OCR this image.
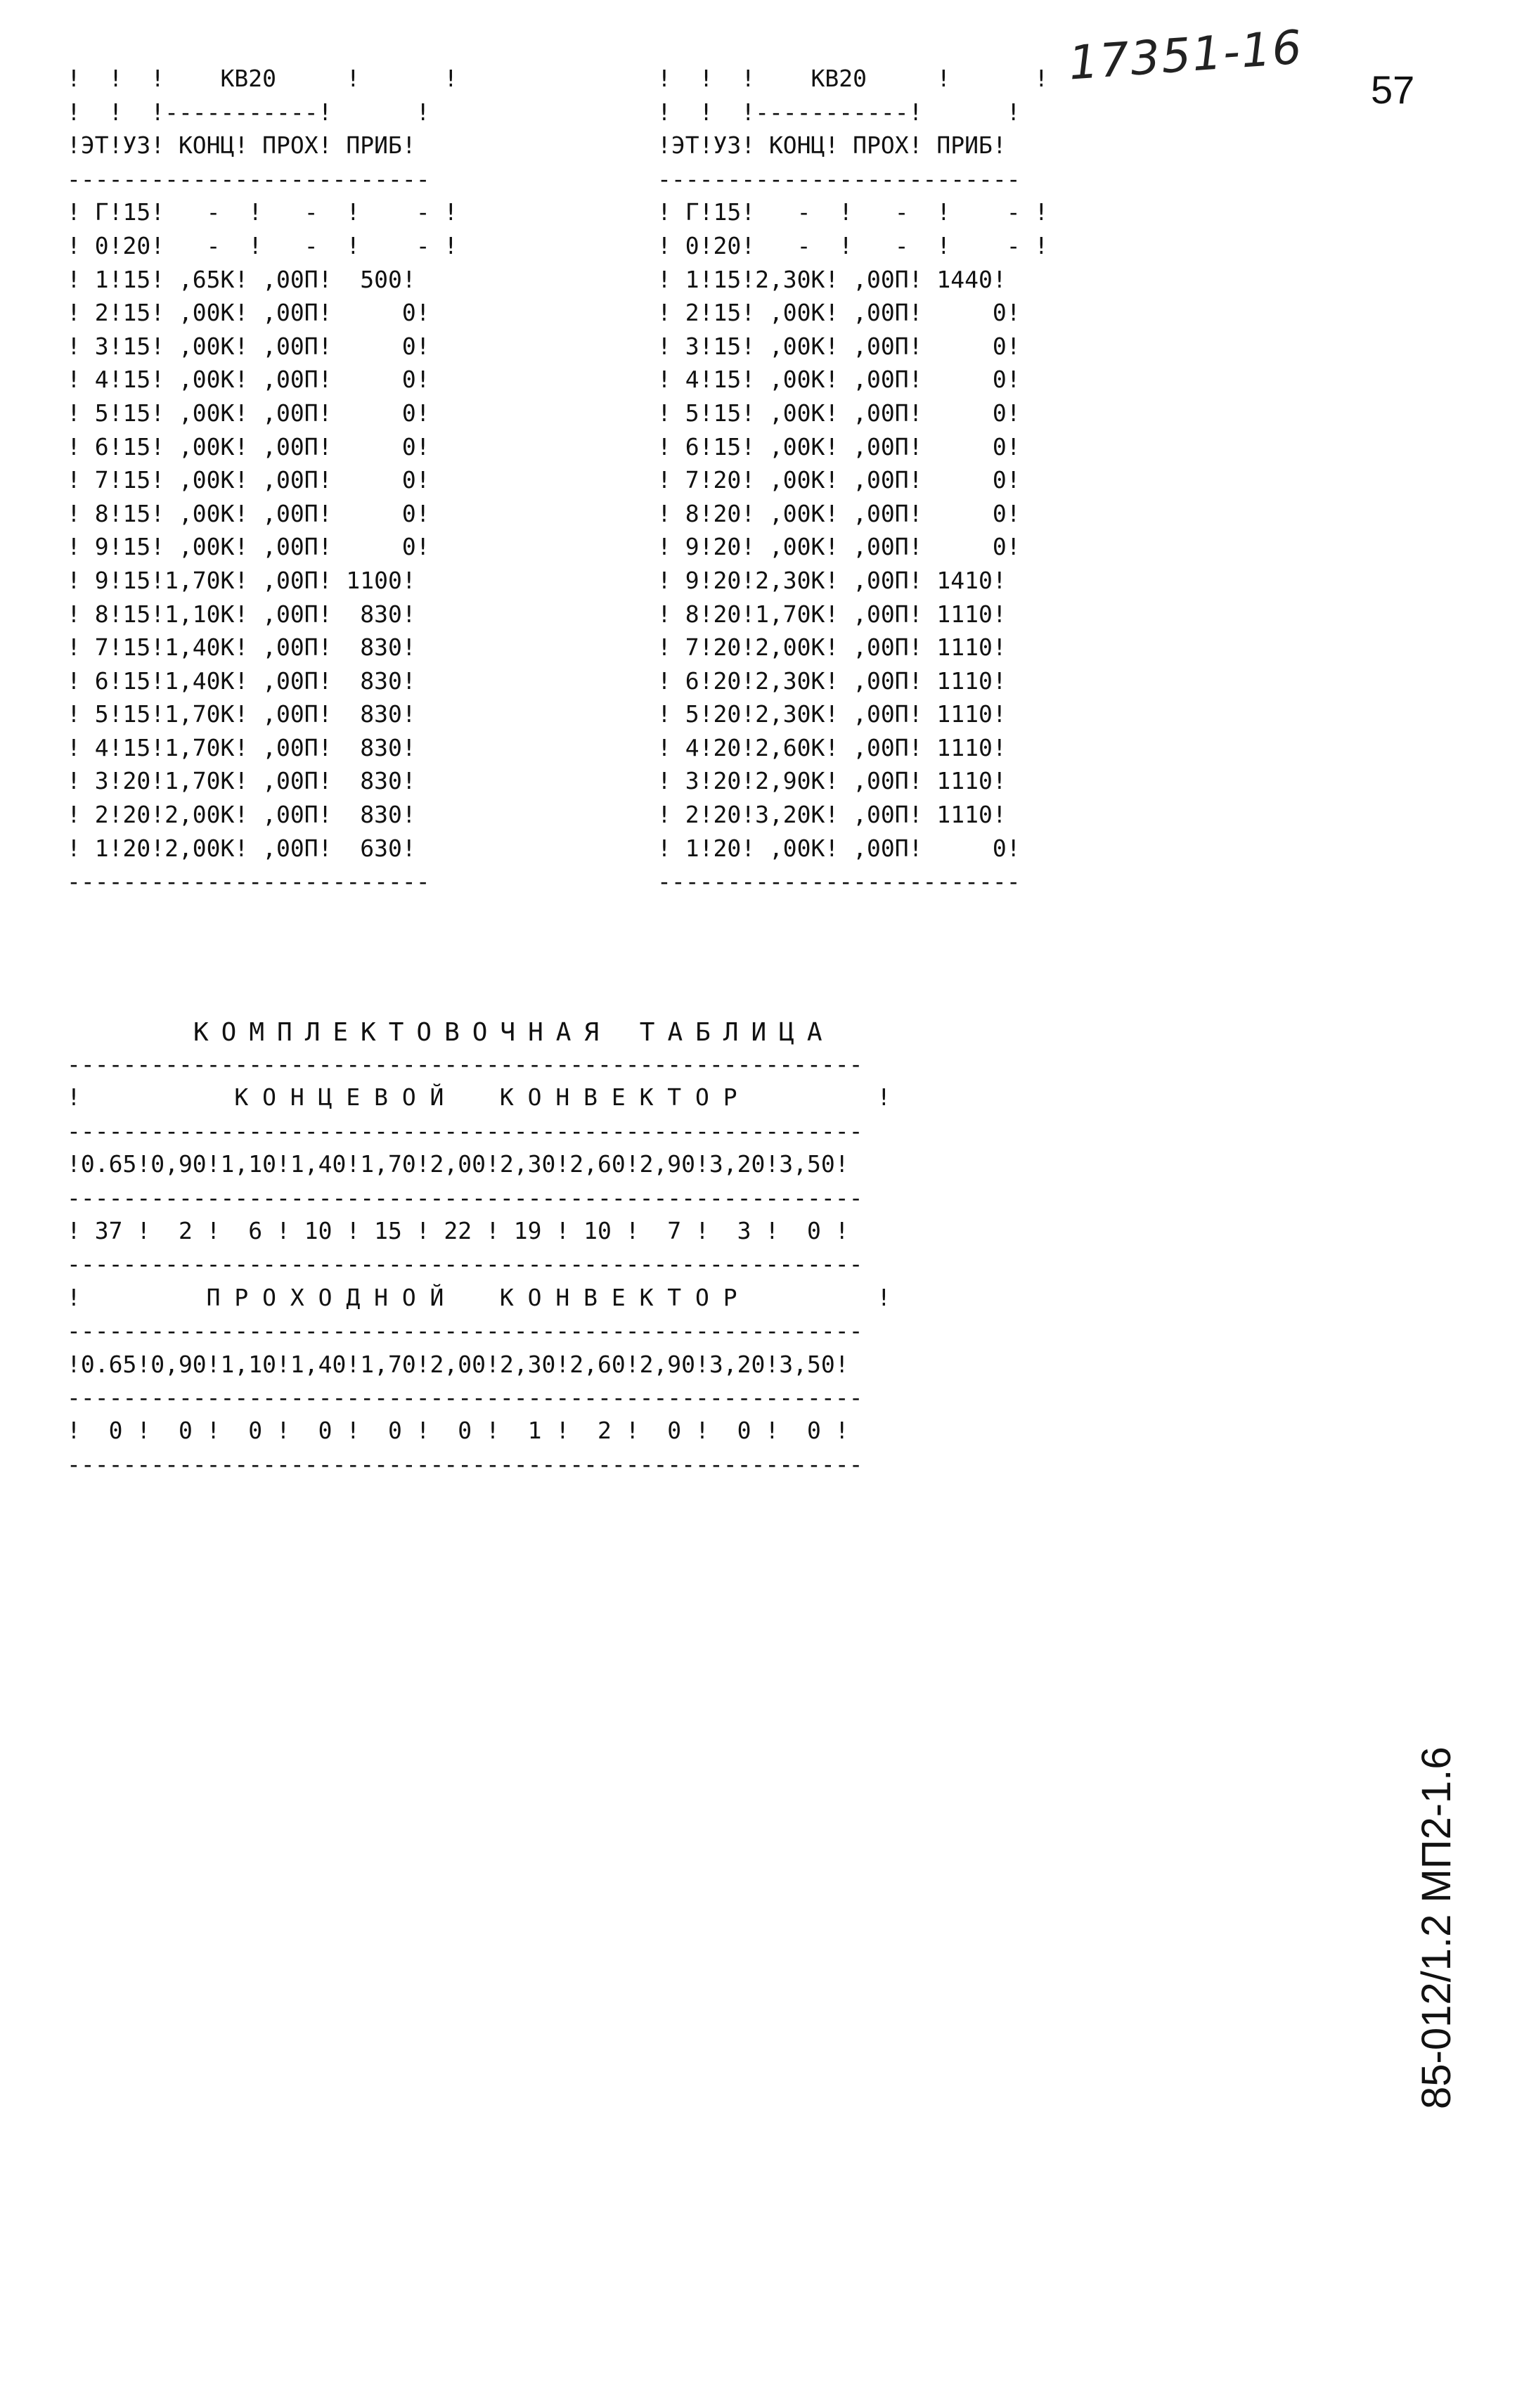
17351-16 57
!  !  !    КВ20     !      !
!  !  !-----------!      !
!ЭТ!УЗ! КОНЦ! ПРОХ! ПРИБ!
--------------------------
! Г!15!   -  !   -  !    - !
! 0!20!   -  !   -  !    - !
! 1!15! ,65К! ,00П!  500!
! 2!15! ,00К! ,00П!     0!
! 3!15! ,00К! ,00П!     0!
! 4!15! ,00К! ,00П!     0!
! 5!15! ,00К! ,00П!     0!
! 6!15! ,00К! ,00П!     0!
! 7!15! ,00К! ,00П!     0!
! 8!15! ,00К! ,00П!     0!
! 9!15! ,00К! ,00П!     0!
! 9!15!1,70К! ,00П! 1100!
! 8!15!1,10К! ,00П!  830!
! 7!15!1,40К! ,00П!  830!
! 6!15!1,40К! ,00П!  830!
! 5!15!1,70К! ,00П!  830!
! 4!15!1,70К! ,00П!  830!
! 3!20!1,70К! ,00П!  830!
! 2!20!2,00К! ,00П!  830!
! 1!20!2,00К! ,00П!  630!
--------------------------
!  !  !    КВ20     !      !
!  !  !-----------!      !
!ЭТ!УЗ! КОНЦ! ПРОХ! ПРИБ!
--------------------------
! Г!15!   -  !   -  !    - !
! 0!20!   -  !   -  !    - !
! 1!15!2,30К! ,00П! 1440!
! 2!15! ,00К! ,00П!     0!
! 3!15! ,00К! ,00П!     0!
! 4!15! ,00К! ,00П!     0!
! 5!15! ,00К! ,00П!     0!
! 6!15! ,00К! ,00П!     0!
! 7!20! ,00К! ,00П!     0!
! 8!20! ,00К! ,00П!     0!
! 9!20! ,00К! ,00П!     0!
! 9!20!2,30К! ,00П! 1410!
! 8!20!1,70К! ,00П! 1110!
! 7!20!2,00К! ,00П! 1110!
! 6!20!2,30К! ,00П! 1110!
! 5!20!2,30К! ,00П! 1110!
! 4!20!2,60К! ,00П! 1110!
! 3!20!2,90К! ,00П! 1110!
! 2!20!3,20К! ,00П! 1110!
! 1!20! ,00К! ,00П!     0!
--------------------------
КОМПЛЕКТОВОЧНАЯ ТАБЛИЦА
---------------------------------------------------------
!           К О Н Ц Е В О Й    К О Н В Е К Т О Р          !
---------------------------------------------------------
!0.65!0,90!1,10!1,40!1,70!2,00!2,30!2,60!2,90!3,20!3,50!
---------------------------------------------------------
! 37 !  2 !  6 ! 10 ! 15 ! 22 ! 19 ! 10 !  7 !  3 !  0 !
---------------------------------------------------------
!         П Р О Х О Д Н О Й    К О Н В Е К Т О Р          !
---------------------------------------------------------
!0.65!0,90!1,10!1,40!1,70!2,00!2,30!2,60!2,90!3,20!3,50!
---------------------------------------------------------
!  0 !  0 !  0 !  0 !  0 !  0 !  1 !  2 !  0 !  0 !  0 !
---------------------------------------------------------
85-012/1.2 МП2-1.6
